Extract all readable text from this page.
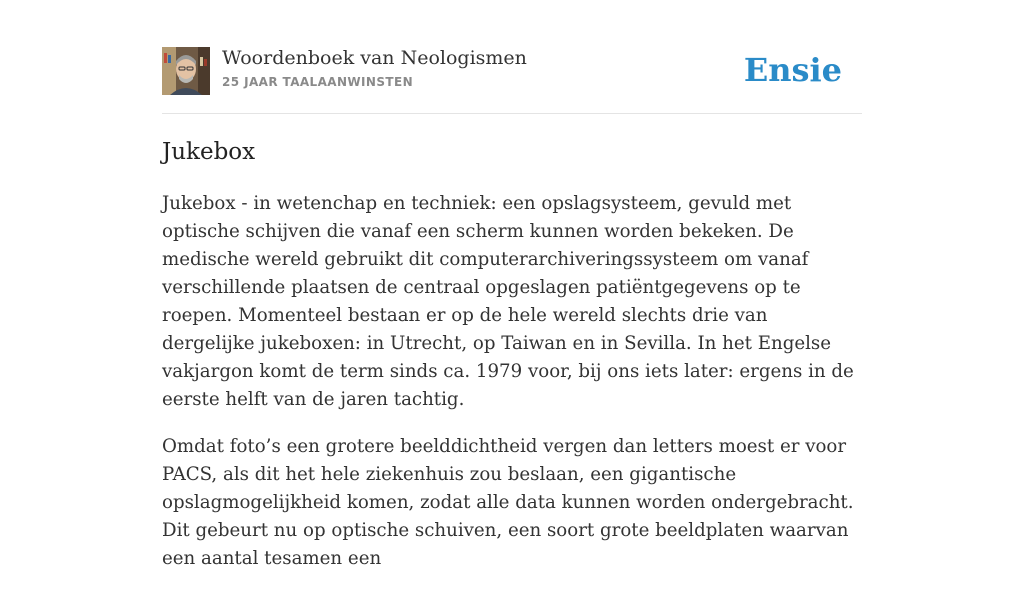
Woordenboek van Neologismen
25 JAAR TAALAANWINSTEN	Ensie
Jukebox

Jukebox - in wetenchap en techniek: een opslagsysteem, gevuld met optische schijven die vanaf een scherm kunnen worden bekeken. De medische wereld gebruikt dit computerarchiveringssysteem om vanaf verschillende plaatsen de centraal opgeslagen patiëntgegevens op te roepen. Momenteel bestaan er op de hele wereld slechts drie van dergelijke jukeboxen: in Utrecht, op Taiwan en in Sevilla. In het Engelse vakjargon komt de term sinds ca. 1979 voor, bij ons iets later: ergens in de eerste helft van de jaren tachtig.

Omdat foto’s een grotere beelddichtheid vergen dan letters moest er voor PACS, als dit het hele ziekenhuis zou beslaan, een gigantische opslagmogelijkheid komen, zodat alle data kunnen worden ondergebracht. Dit gebeurt nu op optische schuiven, een soort grote beeldplaten waarvan een aantal tesamen een
